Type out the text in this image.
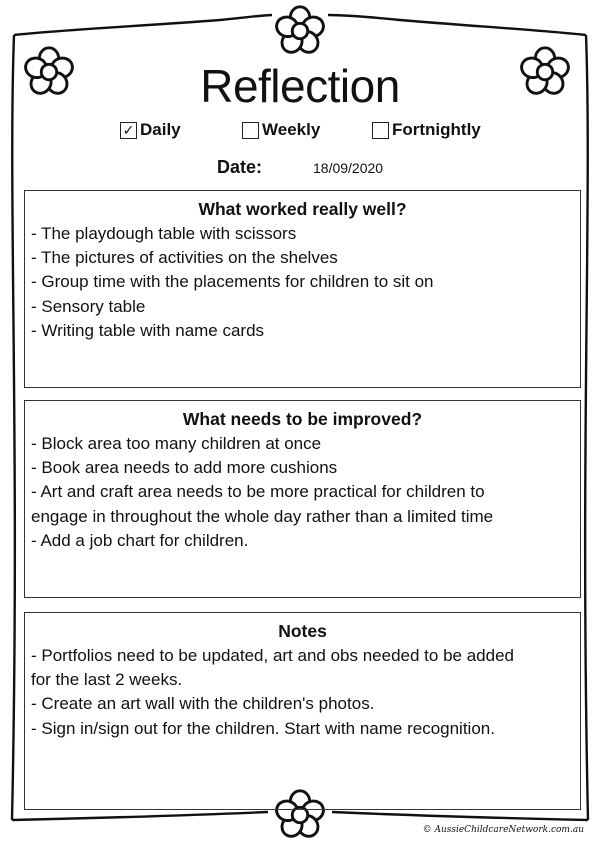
Reflection
✓ Daily	Weekly	Fortnightly
Date:	18/09/2020
What worked really well?
- The playdough table with scissors
- The pictures of activities on the shelves
- Group time with the placements for children to sit on
- Sensory table
- Writing table with name cards
What needs to be improved?
- Block area too many children at once
- Book area needs to add more cushions
- Art and craft area needs to be more practical for children to
engage in throughout the whole day rather than a limited time
- Add a job chart for children.
Notes
- Portfolios need to be updated, art and obs needed to be added
for the last 2 weeks.
- Create an art wall with the children's photos.
- Sign in/sign out for the children. Start with name recognition.
© AussieChildcareNetwork.com.au
